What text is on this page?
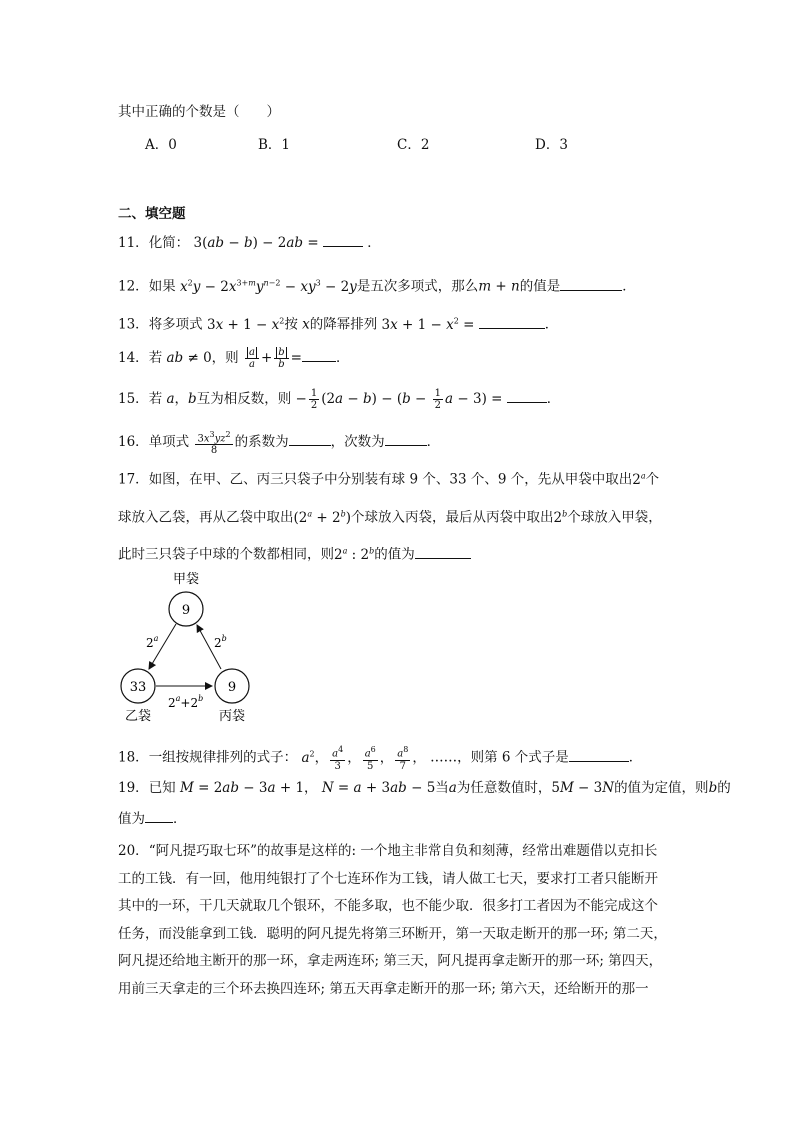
其中正确的个数是（　　）
A．0	B．1	C．2	D．3
二、填空题
11．化简： 3(ab − b) − 2ab =	．
12．如果 $x^2y - 2x^{3+m}y^{n-2} - xy^3 - 2y$是五次多项式，那么m + n的值是	．
13．将多项式 $3x + 1 - x^2$按 x的降幂排列 $3x + 1 - x^2$ =	．
14．若 ab ≠ 0，则 $\frac{a}{a} + \frac{b}{b}$ =	．
15．若 a，b互为相反数，则 − $\frac{1}{2} (2a - b) - (b - \frac{1}{2}$ a − 3) =	．
16．单项式 $\frac{3x^3yz^2}{8}$ 的系数为	，次数为	．
17．如图，在甲、乙、丙三只袋子中分别装有球 9 个、33 个、9 个，先从甲袋中取出2$^a$个
球放入乙袋，再从乙袋中取出$(2^a + 2^b)$个球放入丙袋，最后从丙袋中取出2$^b$个球放入甲袋，
此时三只袋子中球的个数都相同，则2$^a$ : 2$^b$的值为
甲袋
9
33
乙袋
9
丙袋
2$^a$
$2^a+2^b$
2$^b$
18．一组按规律排列的式子： $a^2$， $\frac{a^4}{3}$ ， $\frac{a^6}{5}$ ， $\frac{a^8}{7}$ ， ……，则第 6 个式子是	．
19．已知 M = 2ab − 3a + 1， N = a + 3ab − 5当a为任意数值时，5M − 3N的值为定值，则b的
值为 ．
20．“阿凡提巧取七环”的故事是这样的: 一个地主非常自负和刻薄，经常出难题借以克扣长
工的工钱．有一回，他用纯银打了个七连环作为工钱，请人做工七天，要求打工者只能断开
其中的一环，干几天就取几个银环，不能多取，也不能少取．很多打工者因为不能完成这个
任务，而没能拿到工钱．聪明的阿凡提先将第三环断开，第一天取走断开的那一环; 第二天，
阿凡提还给地主断开的那一环，拿走两连环; 第三天，阿凡提再拿走断开的那一环; 第四天，
用前三天拿走的三个环去换四连环; 第五天再拿走断开的那一环; 第六天，还给断开的那一
